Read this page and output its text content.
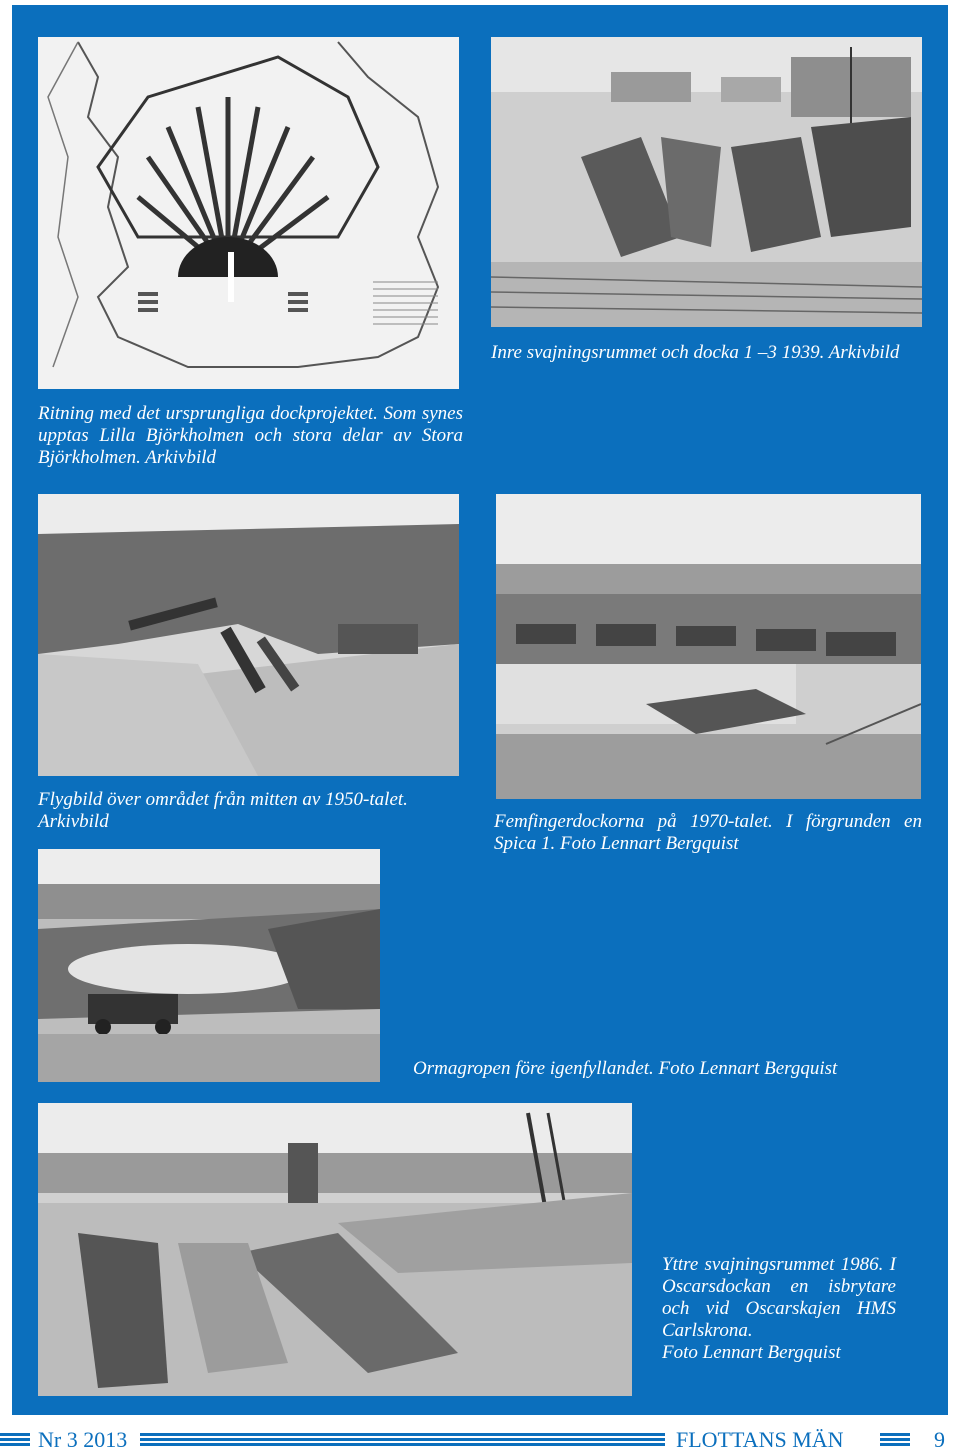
Inre svajningsrummet och docka 1 –3 1939. Arkivbild
Ritning med det ursprungliga dockprojektet. Som synes upptas Lilla Björkholmen och stora delar av Stora Björkholmen. Arkivbild
Flygbild över området från mitten av 1950-talet. Arkivbild	Femfingerdockorna på 1970-talet. I förgrunden en Spica 1. Foto Lennart Bergquist
Ormagropen före igenfyllandet. Foto Lennart Bergquist
Yttre svajningsrummet 1986. I Oscarsdockan en isbrytare och vid Oscarskajen HMS Carlskrona.
Foto Lennart Bergquist
Nr 3 2013	FLOTTANS MÄN	9
